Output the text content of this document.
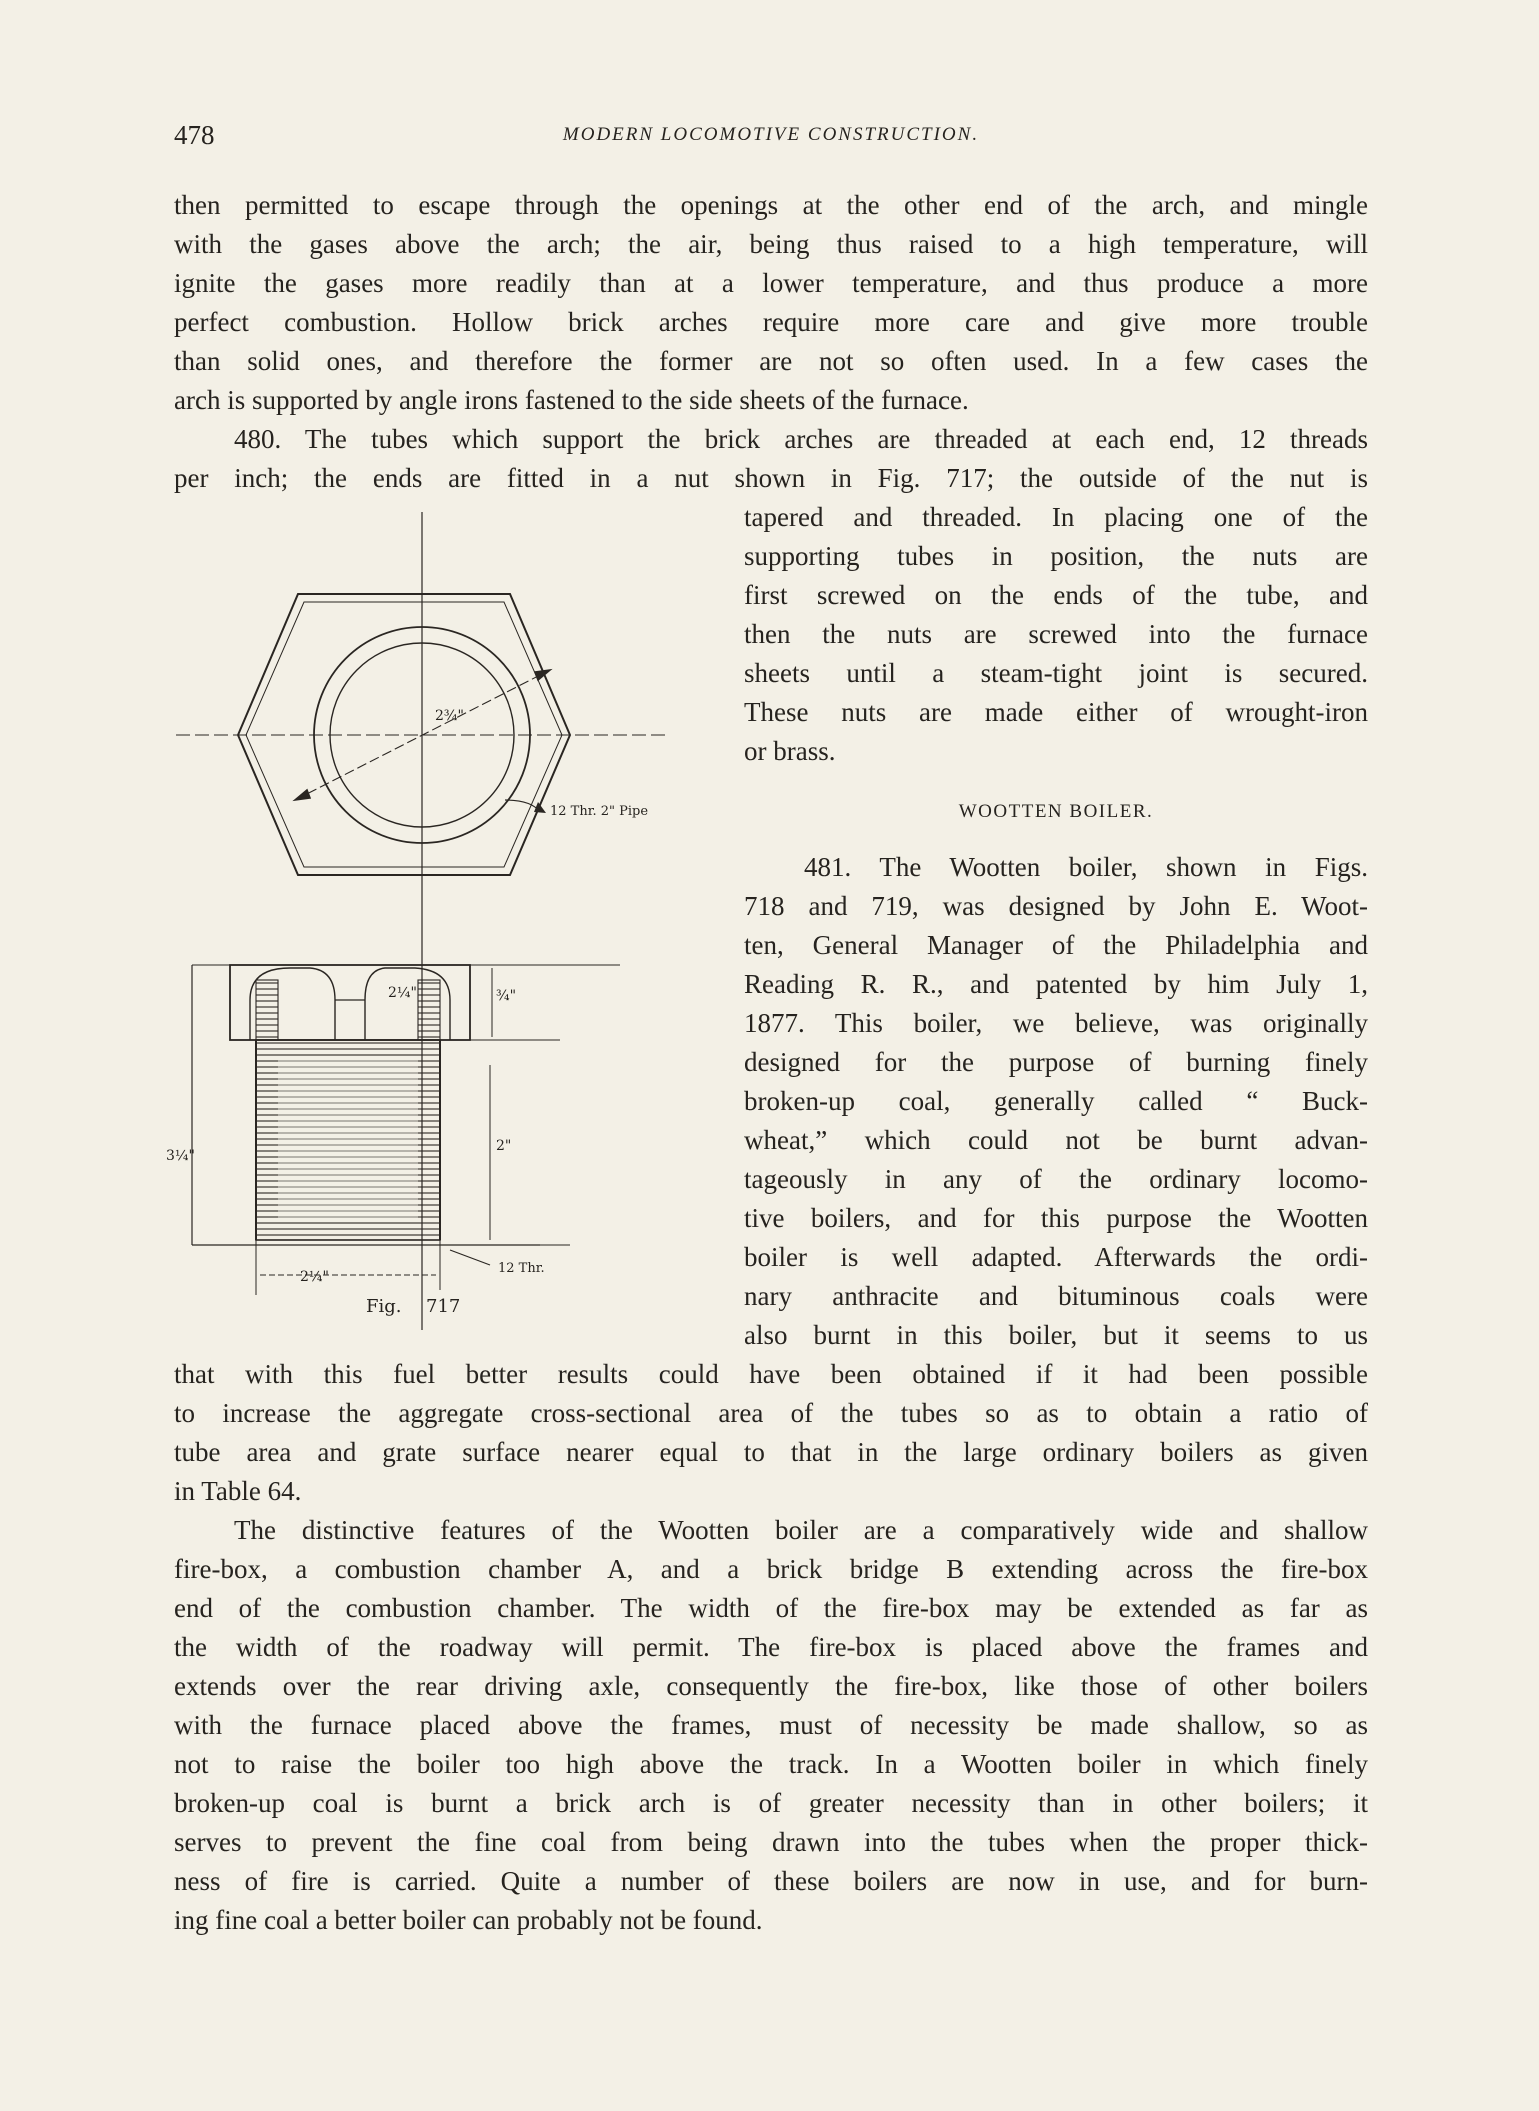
478	MODERN LOCOMOTIVE CONSTRUCTION.
then permitted to escape through the openings at the other end of the arch, and mingle
with the gases above the arch; the air, being thus raised to a high temperature, will
ignite the gases more readily than at a lower temperature, and thus produce a more
perfect combustion. Hollow brick arches require more care and give more trouble
than solid ones, and therefore the former are not so often used. In a few cases the
arch is supported by angle irons fastened to the side sheets of the furnace.
480. The tubes which support the brick arches are threaded at each end, 12 threads
per inch; the ends are fitted in a nut shown in Fig. 717; the outside of the nut is
tapered and threaded. In placing one of the
supporting tubes in position, the nuts are
first screwed on the ends of the tube, and
then the nuts are screwed into the furnace
sheets until a steam-tight joint is secured.
These nuts are made either of wrought-iron
or brass.
WOOTTEN BOILER.
481. The Wootten boiler, shown in Figs.
718 and 719, was designed by John E. Woot-
ten, General Manager of the Philadelphia and
Reading R. R., and patented by him July 1,
1877. This boiler, we believe, was originally
designed for the purpose of burning finely
broken-up coal, generally called “ Buck-
wheat,” which could not be burnt advan-
tageously in any of the ordinary locomo-
tive boilers, and for this purpose the Wootten
boiler is well adapted. Afterwards the ordi-
nary anthracite and bituminous coals were
also burnt in this boiler, but it seems to us
that with this fuel better results could have been obtained if it had been possible
to increase the aggregate cross-sectional area of the tubes so as to obtain a ratio of
tube area and grate surface nearer equal to that in the large ordinary boilers as given
in Table 64.
The distinctive features of the Wootten boiler are a comparatively wide and shallow
fire-box, a combustion chamber A, and a brick bridge B extending across the fire-box
end of the combustion chamber. The width of the fire-box may be extended as far as
the width of the roadway will permit. The fire-box is placed above the frames and
extends over the rear driving axle, consequently the fire-box, like those of other boilers
with the furnace placed above the frames, must of necessity be made shallow, so as
not to raise the boiler too high above the track. In a Wootten boiler in which finely
broken-up coal is burnt a brick arch is of greater necessity than in other boilers; it
serves to prevent the fine coal from being drawn into the tubes when the proper thick-
ness of fire is carried. Quite a number of these boilers are now in use, and for burn-
ing fine coal a better boiler can probably not be found.
2¾"
12 Thr. 2" Pipe
2¼"	¾"
3¼"
2"
2¼"
12 Thr.
Fig. 717
